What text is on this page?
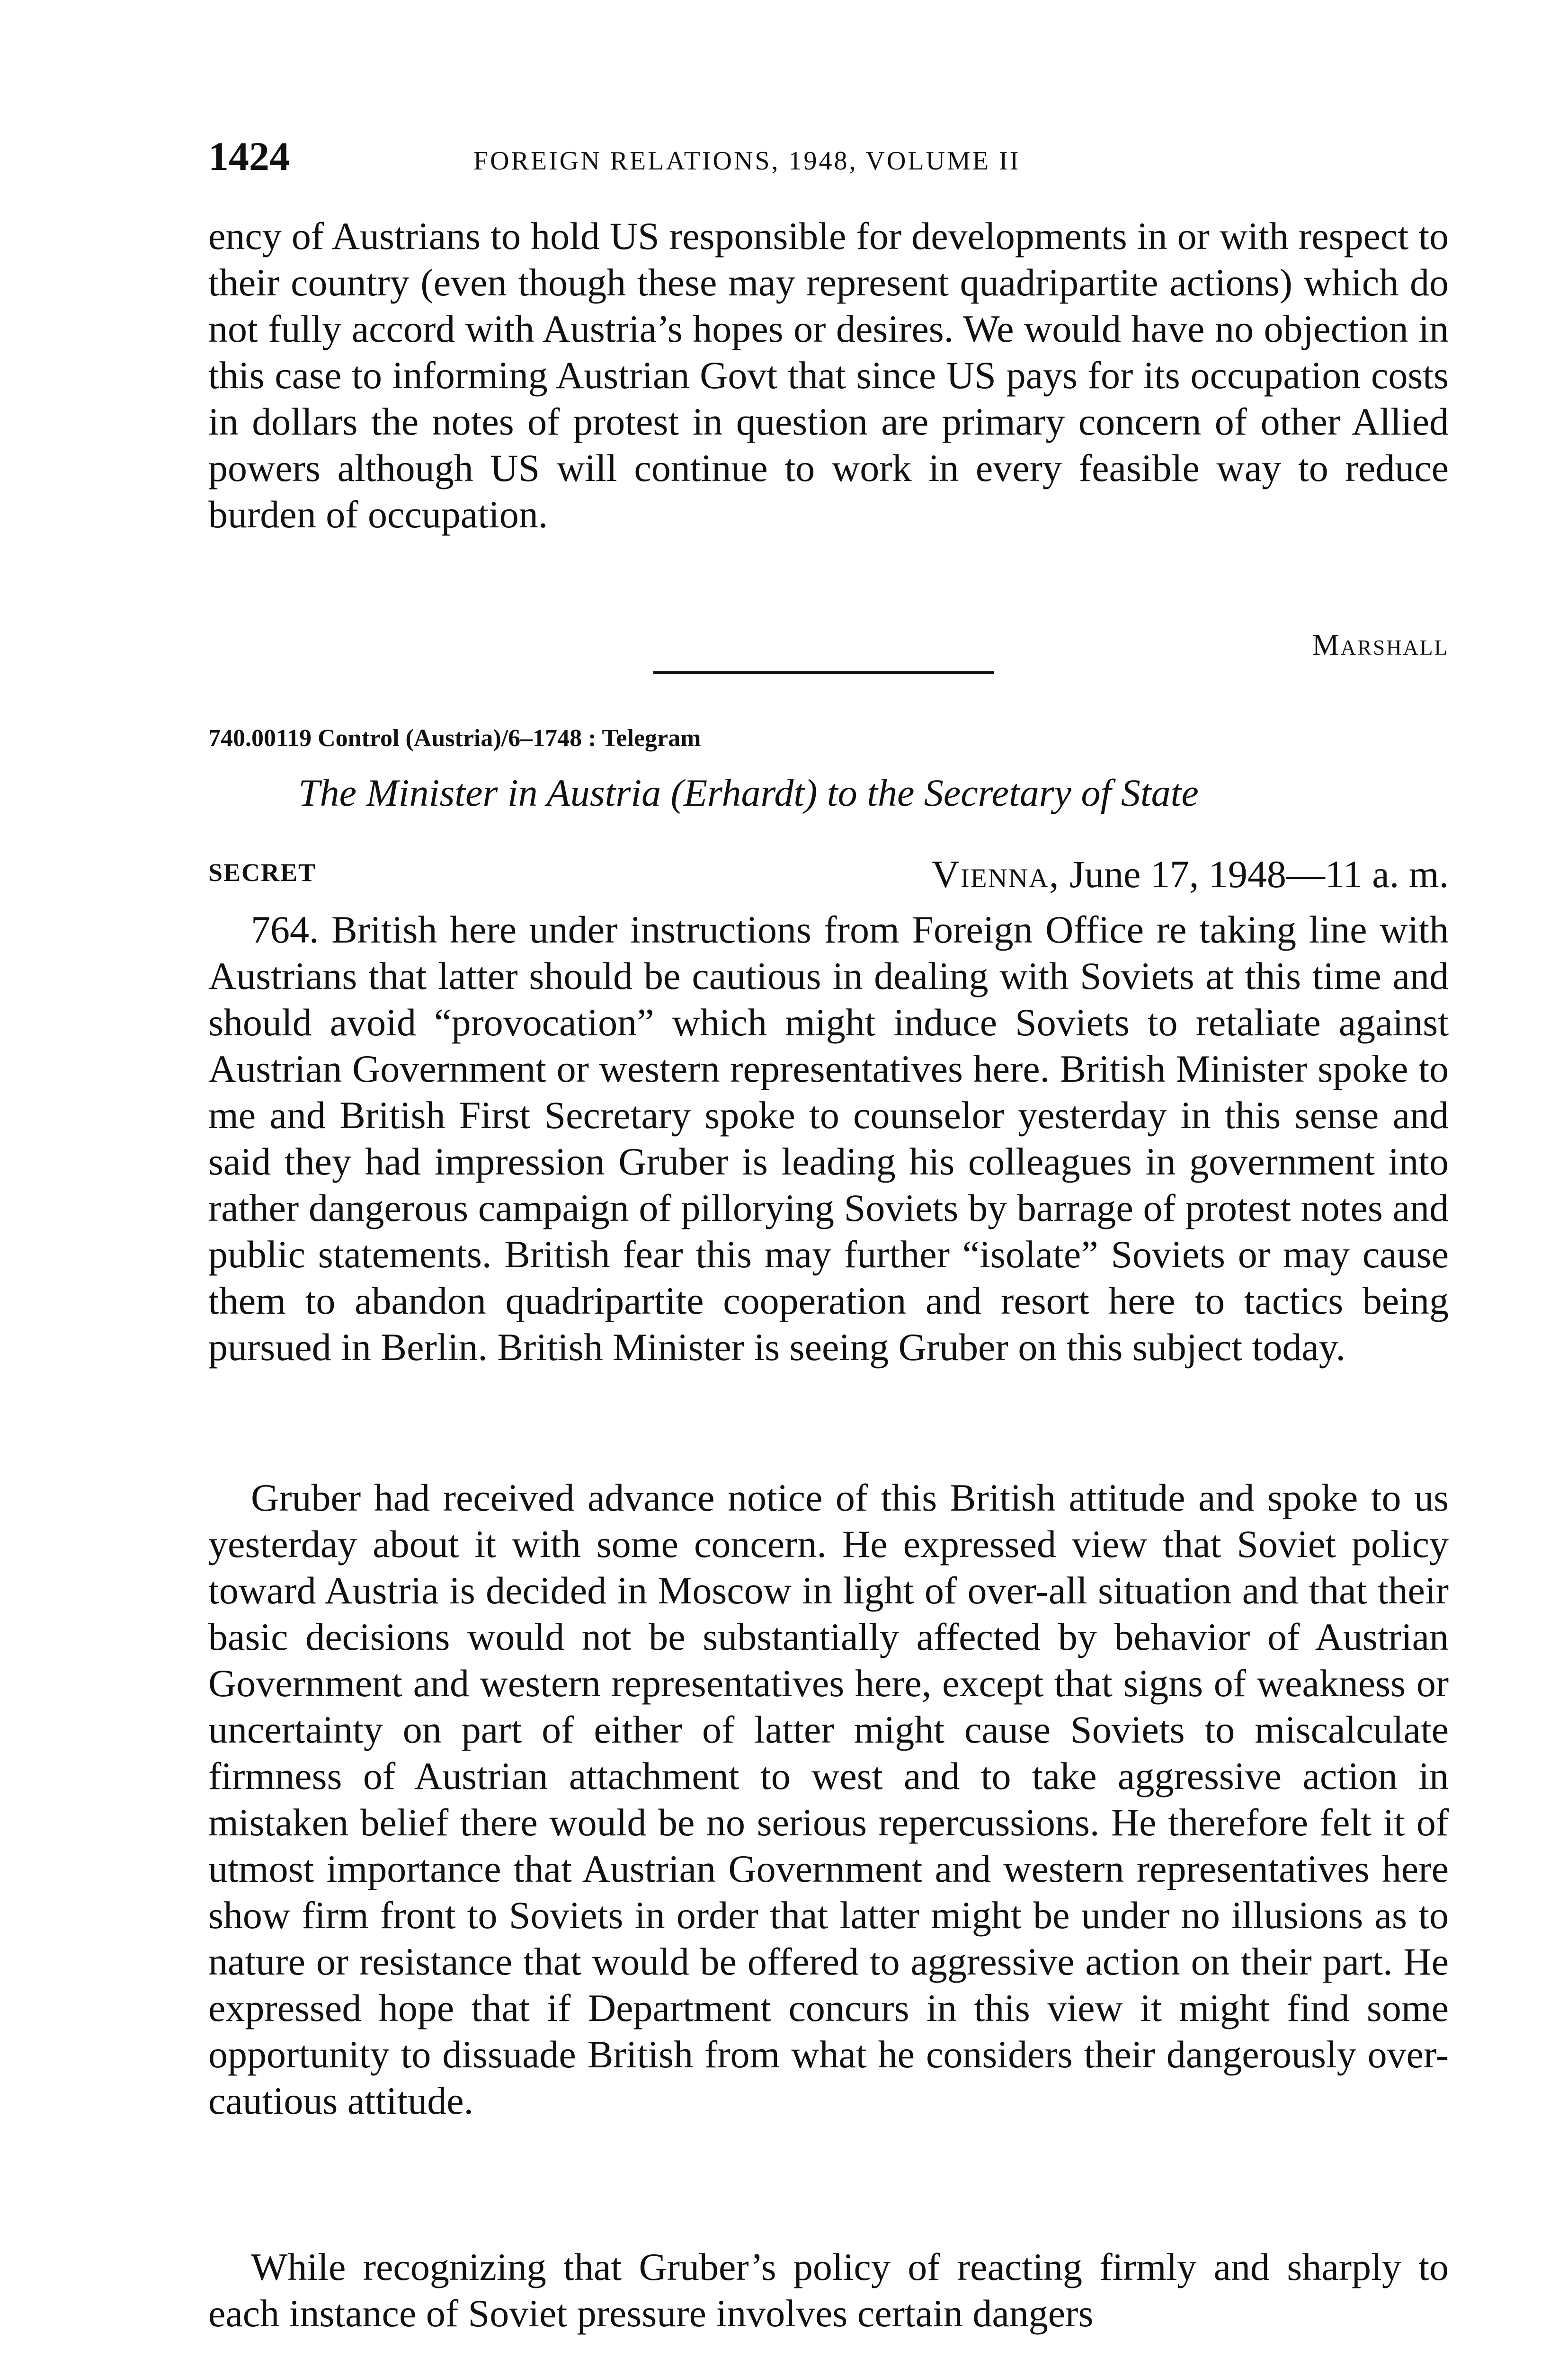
1424	FOREIGN RELATIONS, 1948, VOLUME II

ency of Austrians to hold US responsible for developments in or with respect to their country (even though these may represent quadripartite actions) which do not fully accord with Austria’s hopes or desires. We would have no objection in this case to informing Austrian Govt that since US pays for its occupation costs in dollars the notes of protest in question are primary concern of other Allied powers although US will continue to work in every feasible way to reduce burden of occupation.

Marshall
740.00119 Control (Austria)/6–1748 : Telegram
The Minister in Austria (Erhardt) to the Secretary of State
SECRET	Vienna, June 17, 1948—11 a. m.

764. British here under instructions from Foreign Office re taking line with Austrians that latter should be cautious in dealing with Soviets at this time and should avoid “provocation” which might induce Soviets to retaliate against Austrian Government or western representatives here. British Minister spoke to me and British First Secretary spoke to counselor yesterday in this sense and said they had impression Gruber is leading his colleagues in government into rather dangerous campaign of pillorying Soviets by barrage of protest notes and public statements. British fear this may further “isolate” Soviets or may cause them to abandon quadripartite cooperation and resort here to tactics being pursued in Berlin. British Minister is seeing Gruber on this subject today.

Gruber had received advance notice of this British attitude and spoke to us yesterday about it with some concern. He expressed view that Soviet policy toward Austria is decided in Moscow in light of over-all situation and that their basic decisions would not be substantially affected by behavior of Austrian Government and western representatives here, except that signs of weakness or uncertainty on part of either of latter might cause Soviets to miscalculate firmness of Austrian attachment to west and to take aggressive action in mistaken belief there would be no serious repercussions. He therefore felt it of utmost importance that Austrian Government and western representatives here show firm front to Soviets in order that latter might be under no illusions as to nature or resistance that would be offered to aggressive action on their part. He expressed hope that if Department concurs in this view it might find some opportunity to dissuade British from what he considers their dangerously over-cautious attitude.

While recognizing that Gruber’s policy of reacting firmly and sharply to each instance of Soviet pressure involves certain dangers
